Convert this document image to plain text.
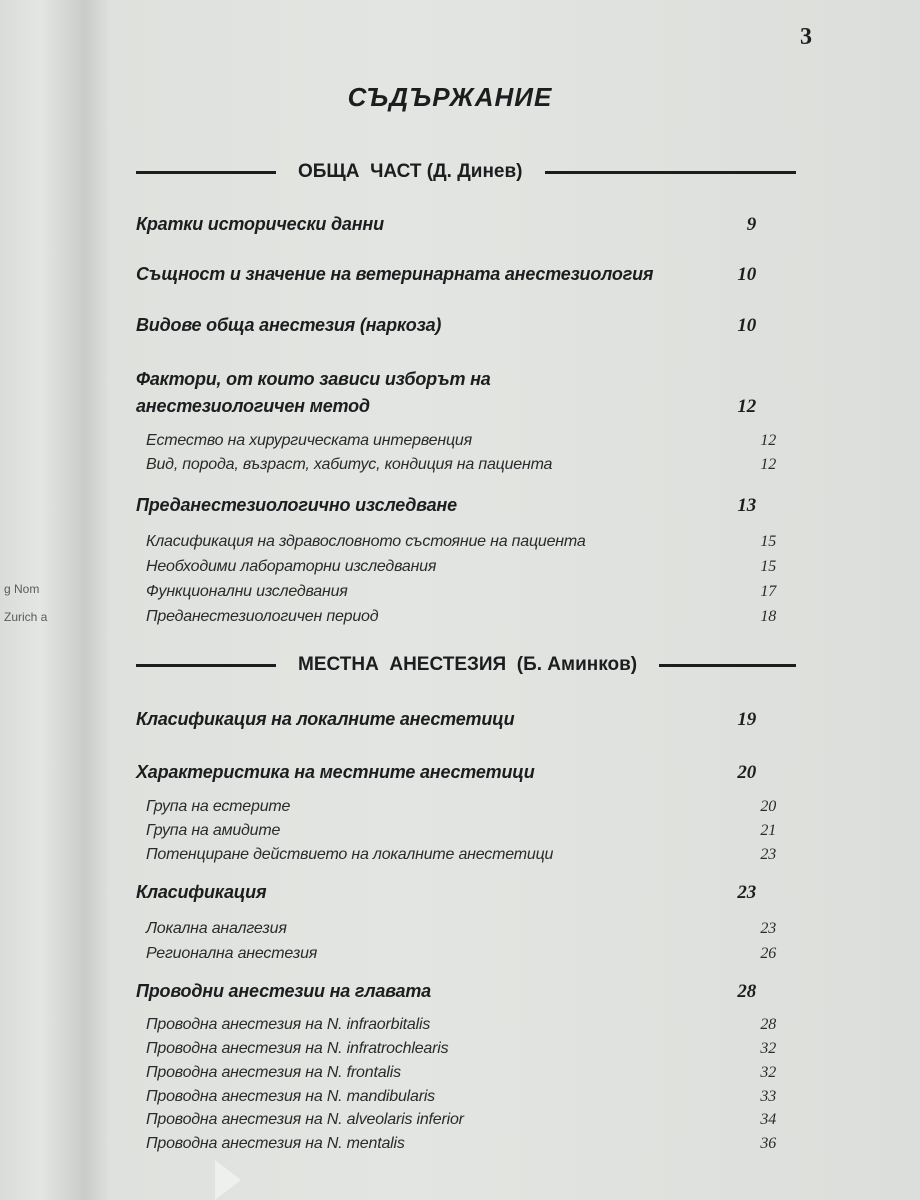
g Nom
Zurich a
3
СЪДЪРЖАНИЕ
ОБЩА  ЧАСТ (Д. Динев)
МЕСТНА  АНЕСТЕЗИЯ  (Б. Аминков)
Кратки исторически данни	9
Същност и значение на ветеринарната анестезиология	10
Видове обща анестезия (наркоза)	10
Фактори, от които зависи изборът на
анестезиологичен метод	12
Естество на хирургическата интервенция	12
Вид, порода, възраст, хабитус, кондиция на пациента	12
Преданестезиологично изследване	13
Класификация на здравословното състояние на пациента	15
Необходими лабораторни изследвания	15
Функционални изследвания	17
Преданестезиологичен период	18
Класификация на локалните анестетици	19
Характеристика на местните анестетици	20
Група на естерите	20
Група на амидите	21
Потенциране действието на локалните анестетици	23
Класификация	23
Локална аналгезия	23
Регионална анестезия	26
Проводни анестезии на главата	28
Проводна анестезия на N. infraorbitalis	28
Проводна анестезия на N. infratrochlearis	32
Проводна анестезия на N. frontalis	32
Проводна анестезия на N. mandibularis	33
Проводна анестезия на N. alveolaris inferior	34
Проводна анестезия на N. mentalis	36
